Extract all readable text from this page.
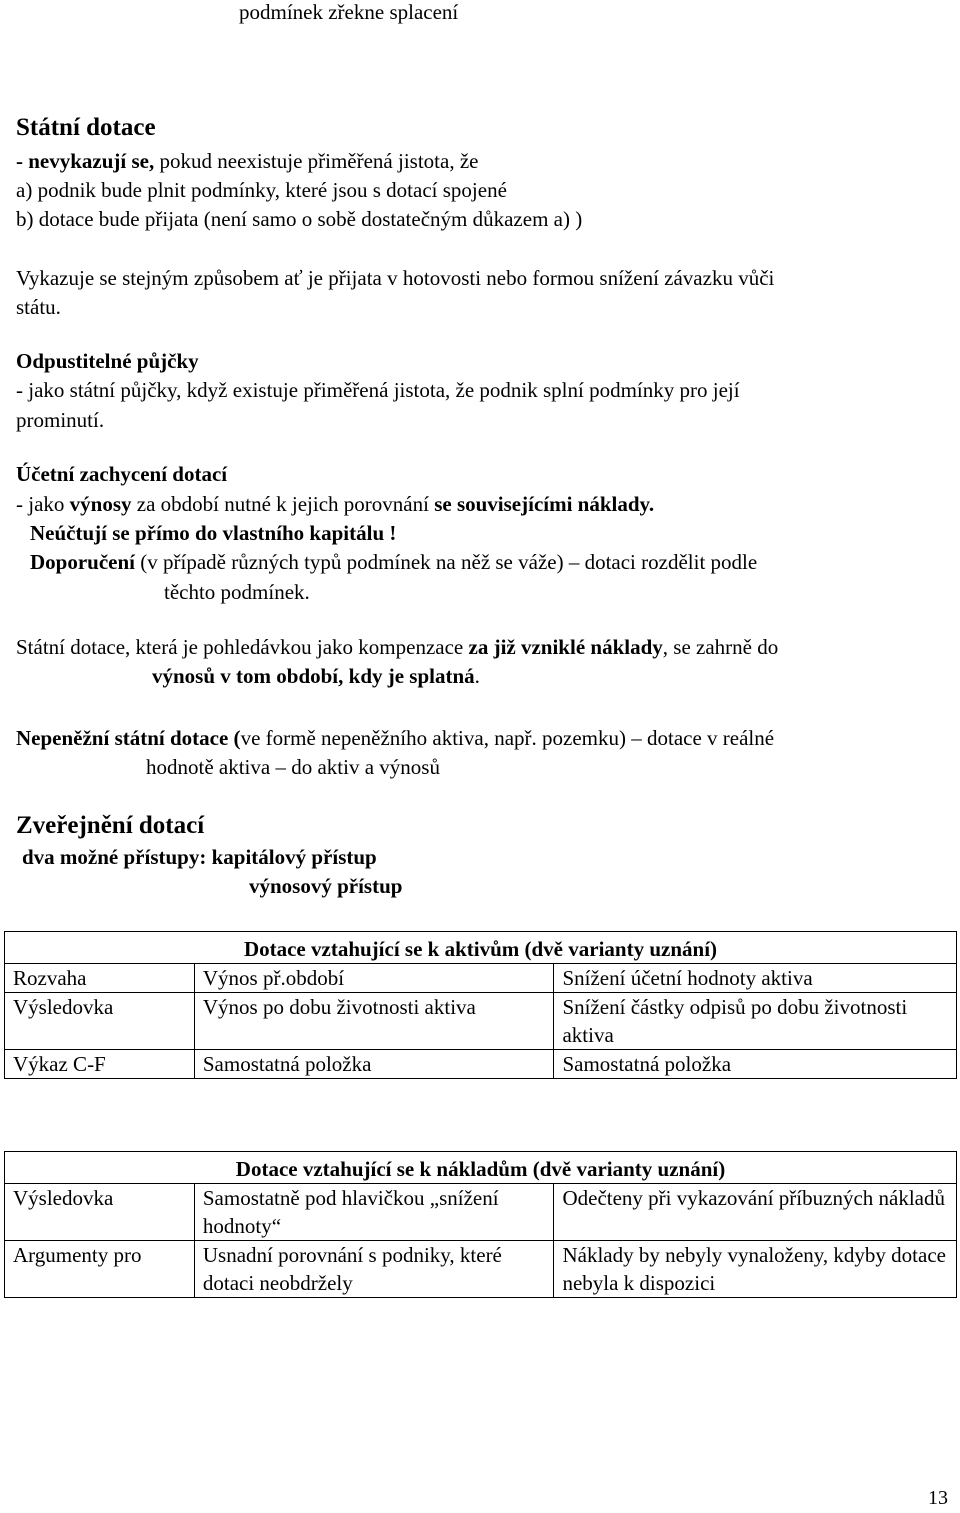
podmínek zřekne splacení
Státní dotace
- nevykazují se, pokud neexistuje přiměřená jistota, že
a) podnik bude plnit podmínky, které jsou s dotací spojené
b) dotace bude přijata (není samo o sobě dostatečným důkazem a) )
Vykazuje se stejným způsobem ať je přijata v hotovosti nebo formou snížení závazku vůči
státu.
Odpustitelné půjčky
- jako státní půjčky, když existuje přiměřená jistota, že podnik splní podmínky pro její
prominutí.
Účetní zachycení dotací
- jako výnosy za období nutné k jejich porovnání se souvisejícími náklady.
Neúčtují se přímo do vlastního kapitálu !
Doporučení (v případě různých typů podmínek na něž se váže) – dotaci rozdělit podle
těchto podmínek.
Státní dotace, která je pohledávkou jako kompenzace za již vzniklé náklady, se zahrně do
výnosů v tom období, kdy je splatná.
Nepeněžní státní dotace (ve formě nepeněžního aktiva, např. pozemku) – dotace v reálné
hodnotě aktiva – do aktiv a výnosů
Zveřejnění dotací
dva možné přístupy: kapitálový přístup
výnosový přístup
Dotace vztahující se k aktivům (dvě varianty uznání)		
Rozvaha	Výnos př.období	Snížení účetní hodnoty aktiva
Výsledovka	Výnos po dobu životnosti aktiva	Snížení částky odpisů po dobu životnosti aktiva
Výkaz C-F	Samostatná položka	Samostatná položka
Dotace vztahující se k nákladům (dvě varianty uznání)		
Výsledovka	Samostatně pod hlavičkou „snížení hodnoty“	Odečteny při vykazování příbuzných nákladů
Argumenty pro	Usnadní porovnání s podniky, které dotaci neobdržely	Náklady by nebyly vynaloženy, kdyby dotace nebyla k dispozici
13
